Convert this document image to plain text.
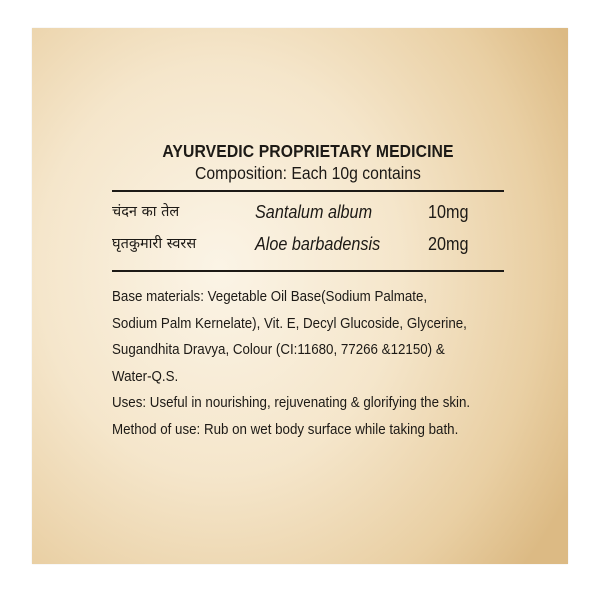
AYURVEDIC PROPRIETARY MEDICINE
Composition: Each 10g contains
चंदन का तेल	Santalum album	10mg
घृतकुमारी स्वरस	Aloe barbadensis	20mg
Base materials: Vegetable Oil Base(Sodium Palmate,
Sodium Palm Kernelate), Vit. E, Decyl Glucoside, Glycerine,
Sugandhita Dravya, Colour (CI:11680, 77266 &12150) &
Water-Q.S.
Uses: Useful in nourishing, rejuvenating & glorifying the skin.
Method of use: Rub on wet body surface while taking bath.
